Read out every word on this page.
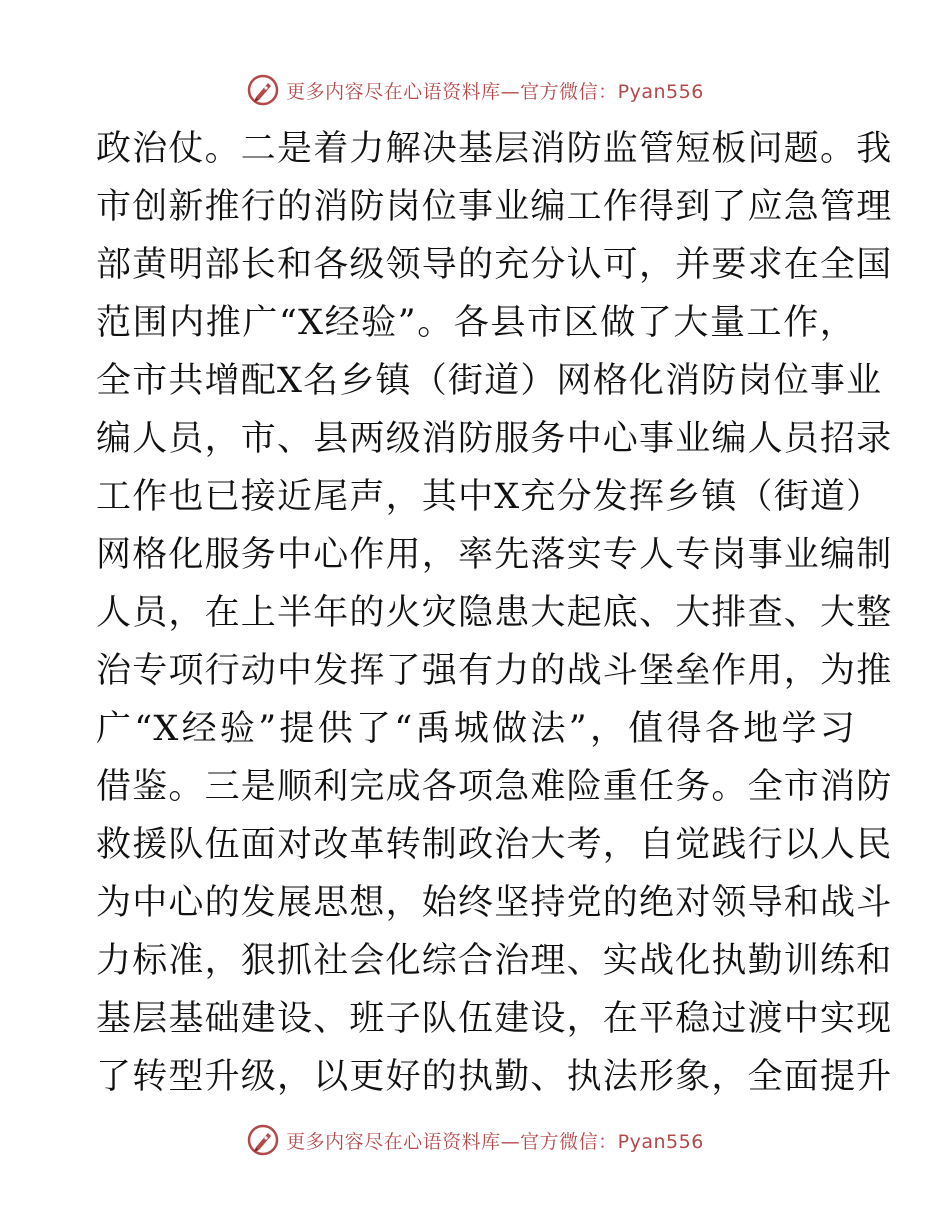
更多内容尽在心语资料库—官方微信：Pyan556

政治仗。二是着力解决基层消防监管短板问题。我

市创新推行的消防岗位事业编工作得到了应急管理

部黄明部长和各级领导的充分认可，并要求在全国

范围内推广“X经验”。各县市区做了大量工作，

全市共增配X名乡镇（街道）网格化消防岗位事业

编人员，市、县两级消防服务中心事业编人员招录

工作也已接近尾声，其中X充分发挥乡镇（街道）

网格化服务中心作用，率先落实专人专岗事业编制

人员，在上半年的火灾隐患大起底、大排查、大整

治专项行动中发挥了强有力的战斗堡垒作用，为推

广“X经验”提供了“禹城做法”，值得各地学习

借鉴。三是顺利完成各项急难险重任务。全市消防

救援队伍面对改革转制政治大考，自觉践行以人民

为中心的发展思想，始终坚持党的绝对领导和战斗

力标准，狠抓社会化综合治理、实战化执勤训练和

基层基础建设、班子队伍建设，在平稳过渡中实现

了转型升级，以更好的执勤、执法形象，全面提升

更多内容尽在心语资料库—官方微信：Pyan556
